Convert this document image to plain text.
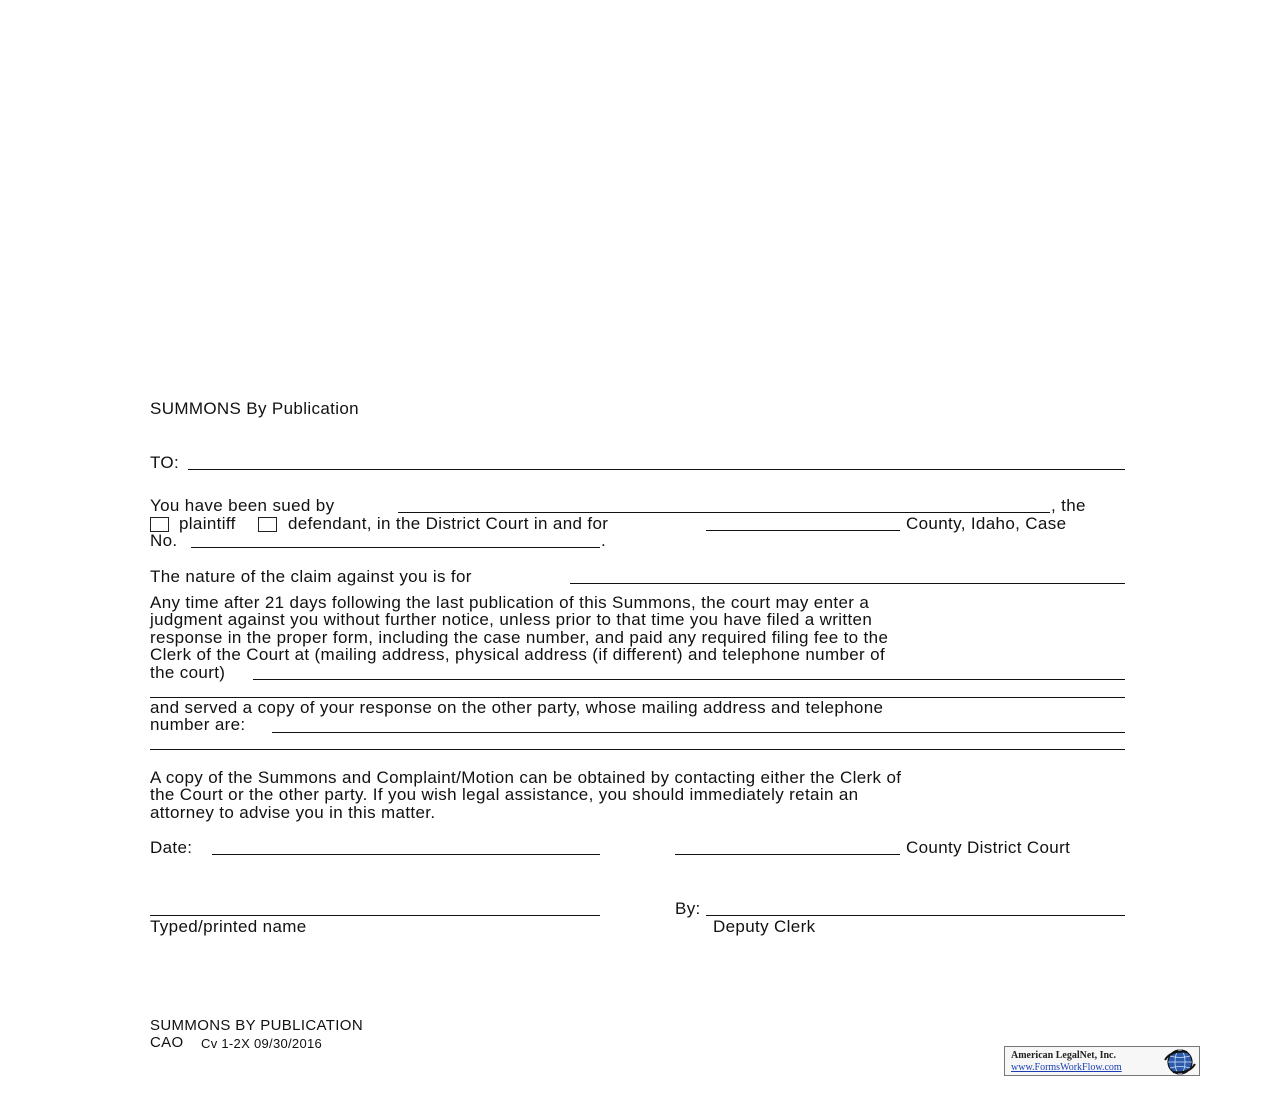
SUMMONS By Publication
TO:
You have been sued by	, the
plaintiff	defendant, in the District Court in and for	County, Idaho, Case
No.	.
The nature of the claim against you is for
Any time after 21 days following the last publication of this Summons, the court may enter a
judgment against you without further notice, unless prior to that time you have filed a written
response in the proper form, including the case number, and paid any required filing fee to the
Clerk of the Court at (mailing address, physical address (if different) and telephone number of
the court)
and served a copy of your response on the other party, whose mailing address and telephone
number are:
A copy of the Summons and Complaint/Motion can be obtained by contacting either the Clerk of
the Court or the other party. If you wish legal assistance, you should immediately retain an
attorney to advise you in this matter.
Date:	County District Court
By:
Typed/printed name	Deputy Clerk
SUMMONS BY PUBLICATION
CAO Cv 1-2X 09/30/2016
American LegalNet, Inc.
www.FormsWorkFlow.com
